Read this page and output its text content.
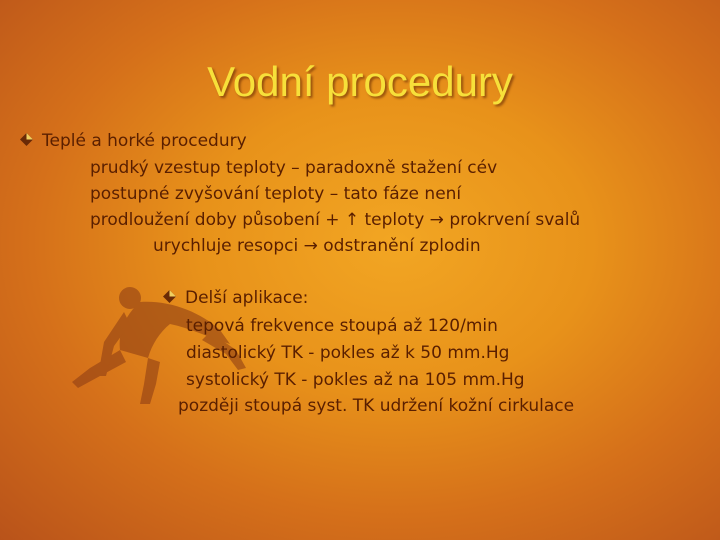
Vodní procedury
Teplé a horké procedury
prudký vzestup teploty – paradoxně stažení cév
postupné zvyšování teploty – tato fáze není
prodloužení doby působení + ↑ teploty → prokrvení svalů
urychluje resopci → odstranění zplodin
Delší aplikace:
tepová frekvence stoupá až 120/min
diastolický TK - pokles až k 50 mm.Hg
systolický TK - pokles až na 105 mm.Hg
později stoupá syst. TK udržení kožní cirkulace
